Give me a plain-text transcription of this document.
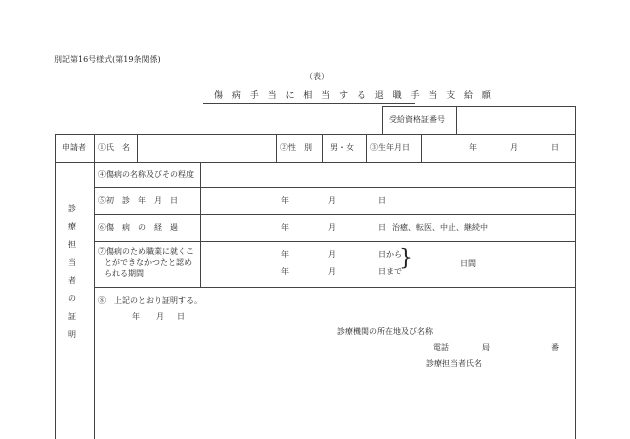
別記第16号様式(第19条関係)
（表）
傷 病 手 当 に 相 当 す る 退 職 手 当 支 給 願
受給資格証番号
申請者 ①氏　名	②性　別 男・女 ③生年月日	年	月	日
診
療
担
当
者
の
証
明
④傷病の名称及びその程度
⑤初　診　年　月　日	年	月	日
⑥傷　病　の　経　過	年	月	日 治癒、転医、中止、継続中
⑦傷病のため職業に就くこ
とができなかつたと認め
られる期間
年	月	日から
年	月	日まで
}	日間
⑧　上記のとおり証明する。
年 月 日
診療機関の所在地及び名称
電話	局	番
診療担当者氏名
